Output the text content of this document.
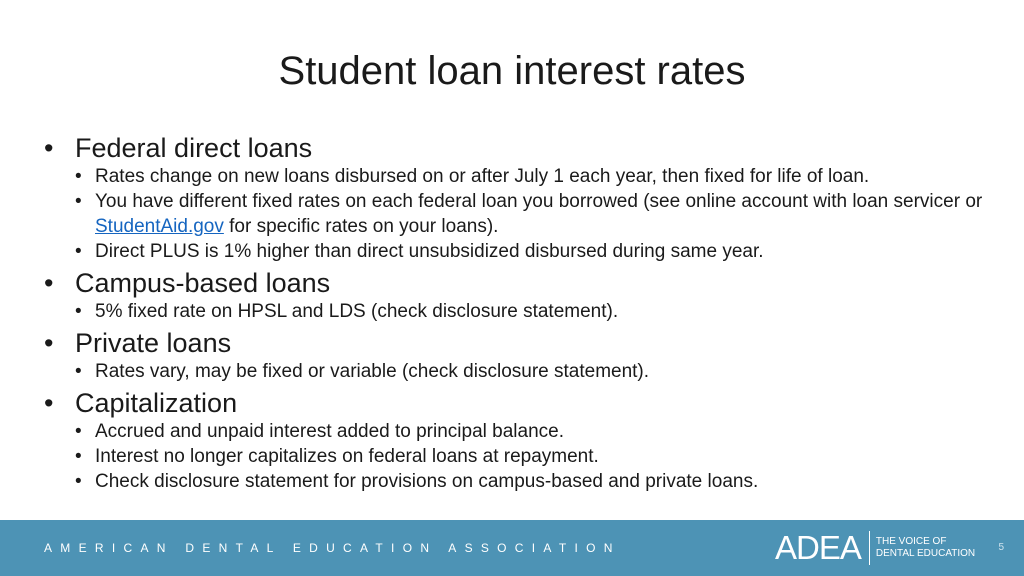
Student loan interest rates
• Federal direct loans
• Rates change on new loans disbursed on or after July 1 each year, then fixed for life of loan.
• You have different fixed rates on each federal loan you borrowed (see online account with loan servicer or StudentAid.gov for specific rates on your loans).
• Direct PLUS is 1% higher than direct unsubsidized disbursed during same year.
• Campus-based loans
• 5% fixed rate on HPSL and LDS (check disclosure statement).
• Private loans
• Rates vary, may be fixed or variable (check disclosure statement).
• Capitalization
• Accrued and unpaid interest added to principal balance.
• Interest no longer capitalizes on federal loans at repayment.
• Check disclosure statement for provisions on campus-based and private loans.
AMERICAN DENTAL EDUCATION ASSOCIATION	ADEA THE VOICE OF
DENTAL EDUCATION
5
